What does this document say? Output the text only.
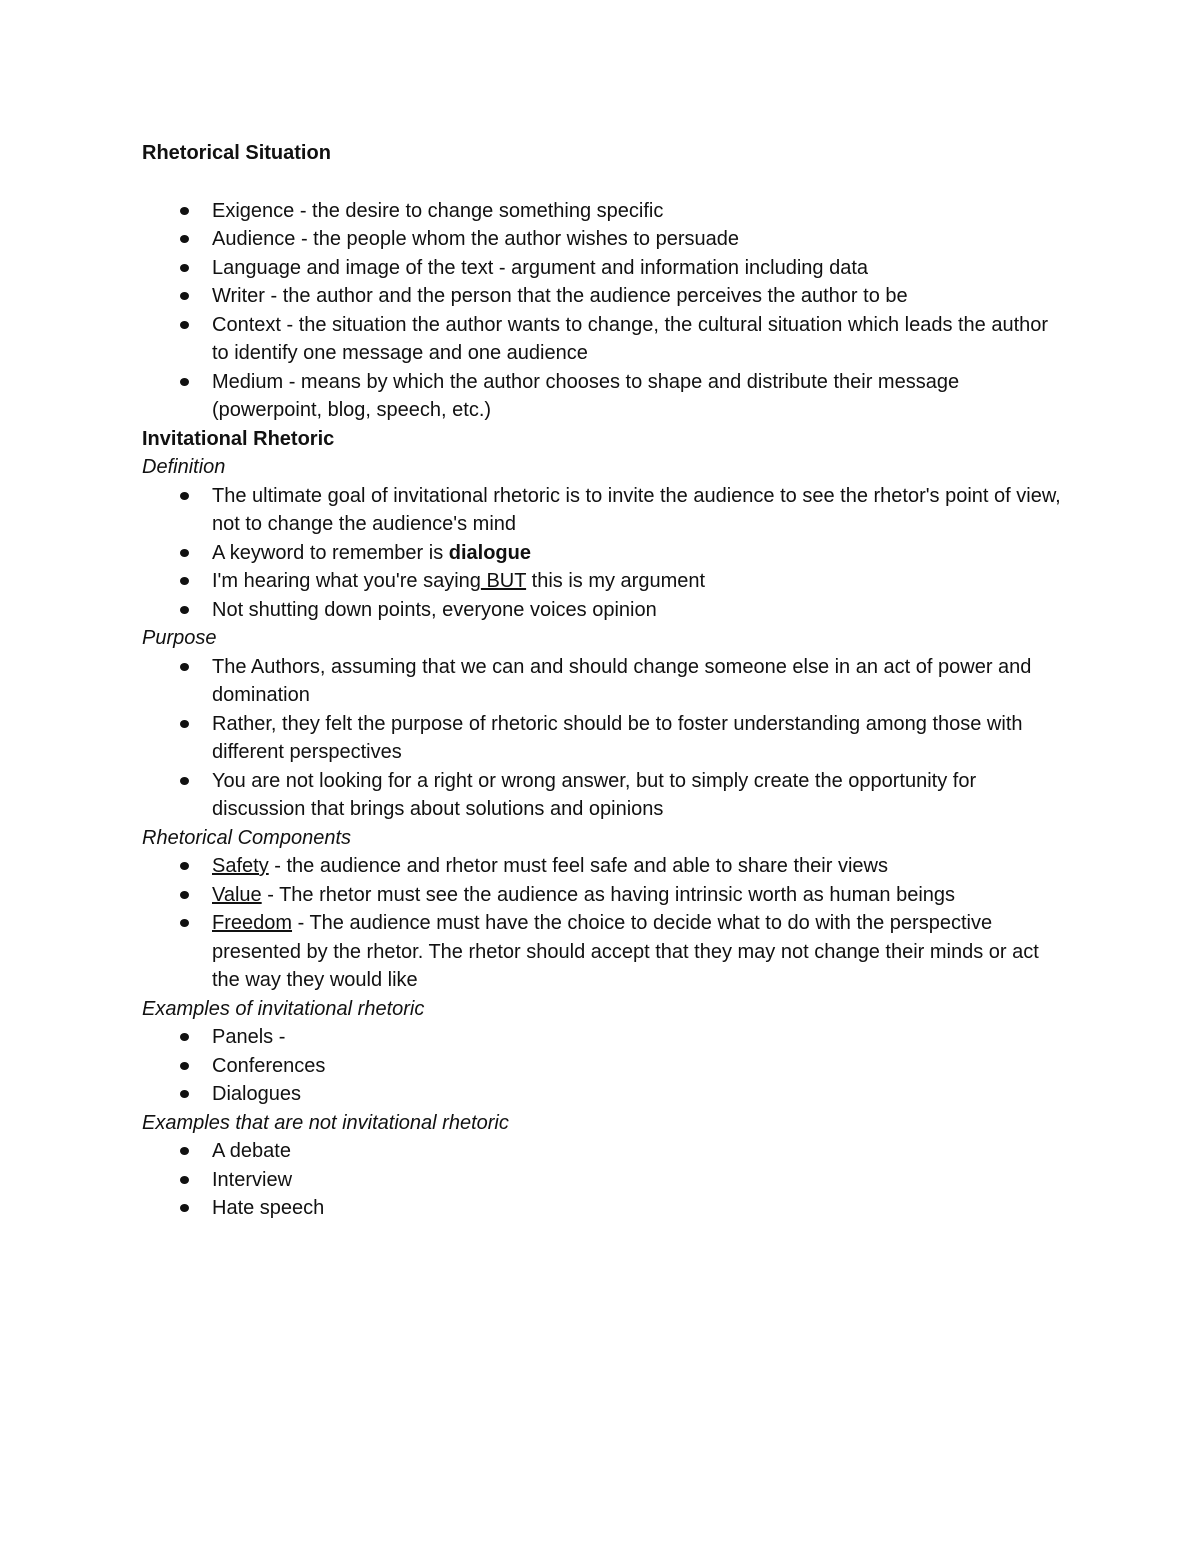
Rhetorical Situation

Exigence - the desire to change something specific
Audience - the people whom the author wishes to persuade
Language and image of the text - argument and information including data
Writer - the author and the person that the audience perceives the author to be
Context - the situation the author wants to change, the cultural situation which leads the author to identify one message and one audience
Medium - means by which the author chooses to shape and distribute their message (powerpoint, blog, speech, etc.)

Invitational Rhetoric

Definition

The ultimate goal of invitational rhetoric is to invite the audience to see the rhetor's point of view, not to change the audience's mind
A keyword to remember is dialogue
I'm hearing what you're saying BUT this is my argument
Not shutting down points, everyone voices opinion

Purpose

The Authors, assuming that we can and should change someone else in an act of power and domination
Rather, they felt the purpose of rhetoric should be to foster understanding among those with different perspectives
You are not looking for a right or wrong answer, but to simply create the opportunity for discussion that brings about solutions and opinions

Rhetorical Components

Safety - the audience and rhetor must feel safe and able to share their views
Value - The rhetor must see the audience as having intrinsic worth as human beings
Freedom - The audience must have the choice to decide what to do with the perspective presented by the rhetor. The rhetor should accept that they may not change their minds or act the way they would like

Examples of invitational rhetoric

Panels -
Conferences
Dialogues

Examples that are not invitational rhetoric

A debate
Interview
Hate speech
